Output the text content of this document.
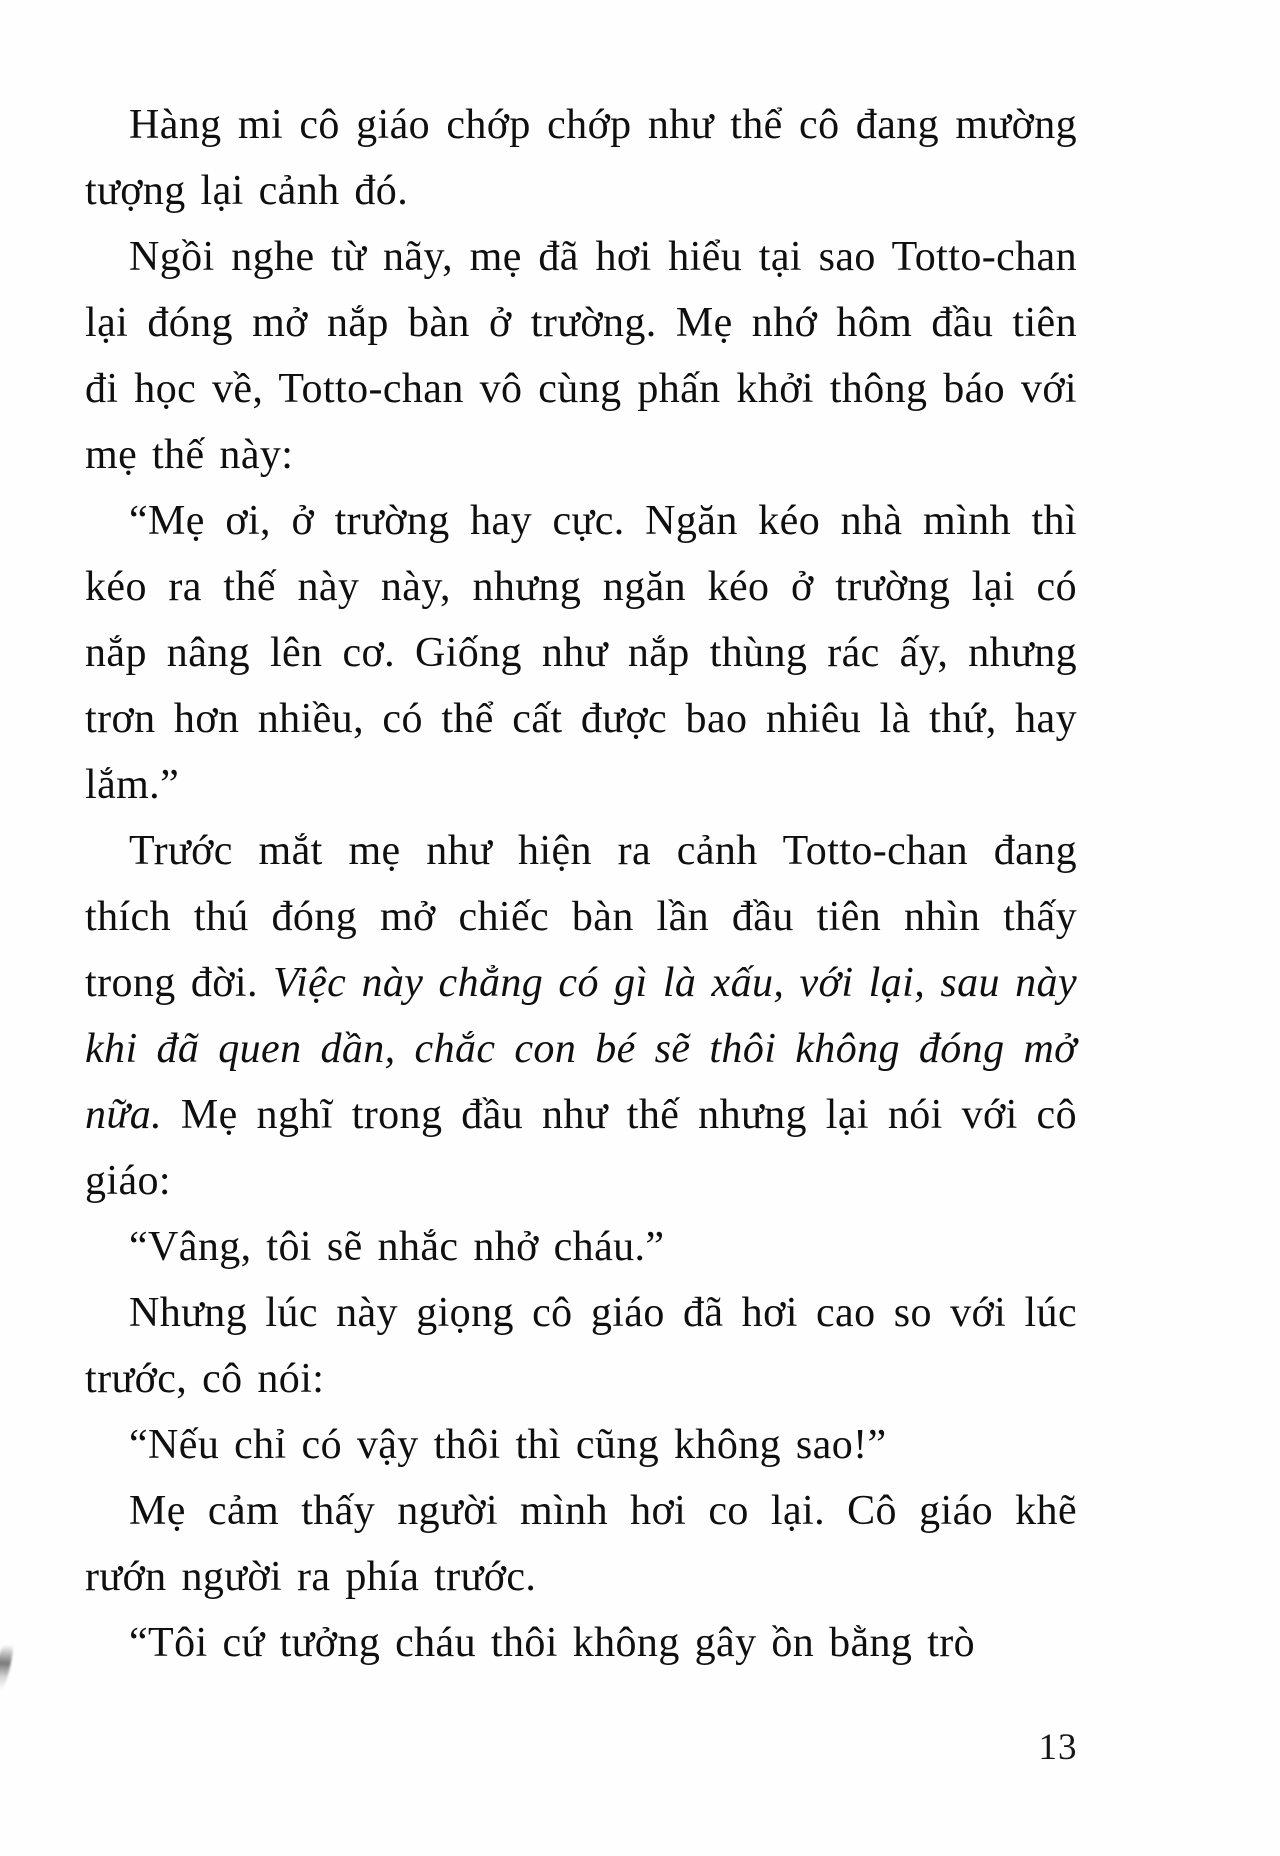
Hàng mi cô giáo chớp chớp như thể cô đang mường tượng lại cảnh đó.

Ngồi nghe từ nãy, mẹ đã hơi hiểu tại sao Totto-chan lại đóng mở nắp bàn ở trường. Mẹ nhớ hôm đầu tiên đi học về, Totto-chan vô cùng phấn khởi thông báo với mẹ thế này:

“Mẹ ơi, ở trường hay cực. Ngăn kéo nhà mình thì kéo ra thế này này, nhưng ngăn kéo ở trường lại có nắp nâng lên cơ. Giống như nắp thùng rác ấy, nhưng trơn hơn nhiều, có thể cất được bao nhiêu là thứ, hay lắm.”

Trước mắt mẹ như hiện ra cảnh Totto-chan đang thích thú đóng mở chiếc bàn lần đầu tiên nhìn thấy trong đời. Việc này chẳng có gì là xấu, với lại, sau này khi đã quen dần, chắc con bé sẽ thôi không đóng mở nữa. Mẹ nghĩ trong đầu như thế nhưng lại nói với cô giáo:

“Vâng, tôi sẽ nhắc nhở cháu.”

Nhưng lúc này giọng cô giáo đã hơi cao so với lúc trước, cô nói:

“Nếu chỉ có vậy thôi thì cũng không sao!”

Mẹ cảm thấy người mình hơi co lại. Cô giáo khẽ rướn người ra phía trước.

“Tôi cứ tưởng cháu thôi không gây ồn bằng trò

13
